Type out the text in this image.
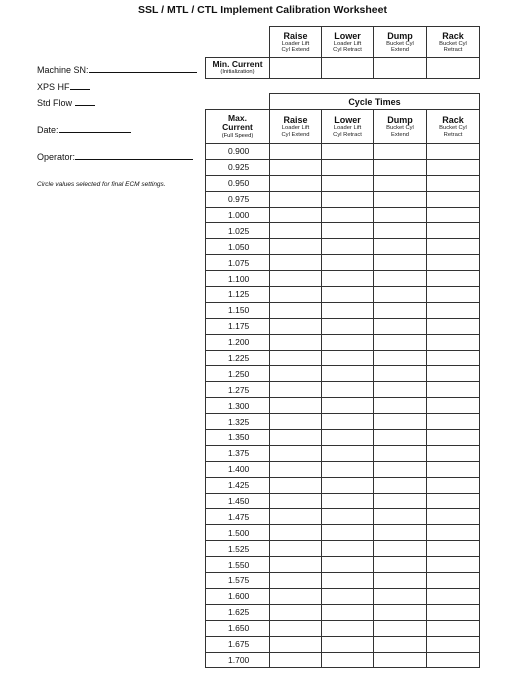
SSL / MTL / CTL Implement Calibration Worksheet

	Raise
Loader Lift
Cyl Extend	Lower
Loader Lift
Cyl Retract	Dump
Bucket Cyl
Extend	Rack
Bucket Cyl
Retract

Min. Current
(Initialization)				

Machine SN:
XPS HF
Std Flow
Date:
Operator:
Circle values selected for final ECM settings.

	Cycle Times			

Max.
Current
(Full Speed)	Raise
Loader Lift
Cyl Extend	Lower
Loader Lift
Cyl Retract	Dump
Bucket Cyl
Extend	Rack
Bucket Cyl
Retract

0.900				
0.925				
0.950				
0.975				
1.000				
1.025				
1.050				
1.075				
1.100				
1.125				
1.150				
1.175				
1.200				
1.225				
1.250				
1.275				
1.300				
1.325				
1.350				
1.375				
1.400				
1.425				
1.450				
1.475				
1.500				
1.525				
1.550				
1.575				
1.600				
1.625				
1.650				
1.675				
1.700				
